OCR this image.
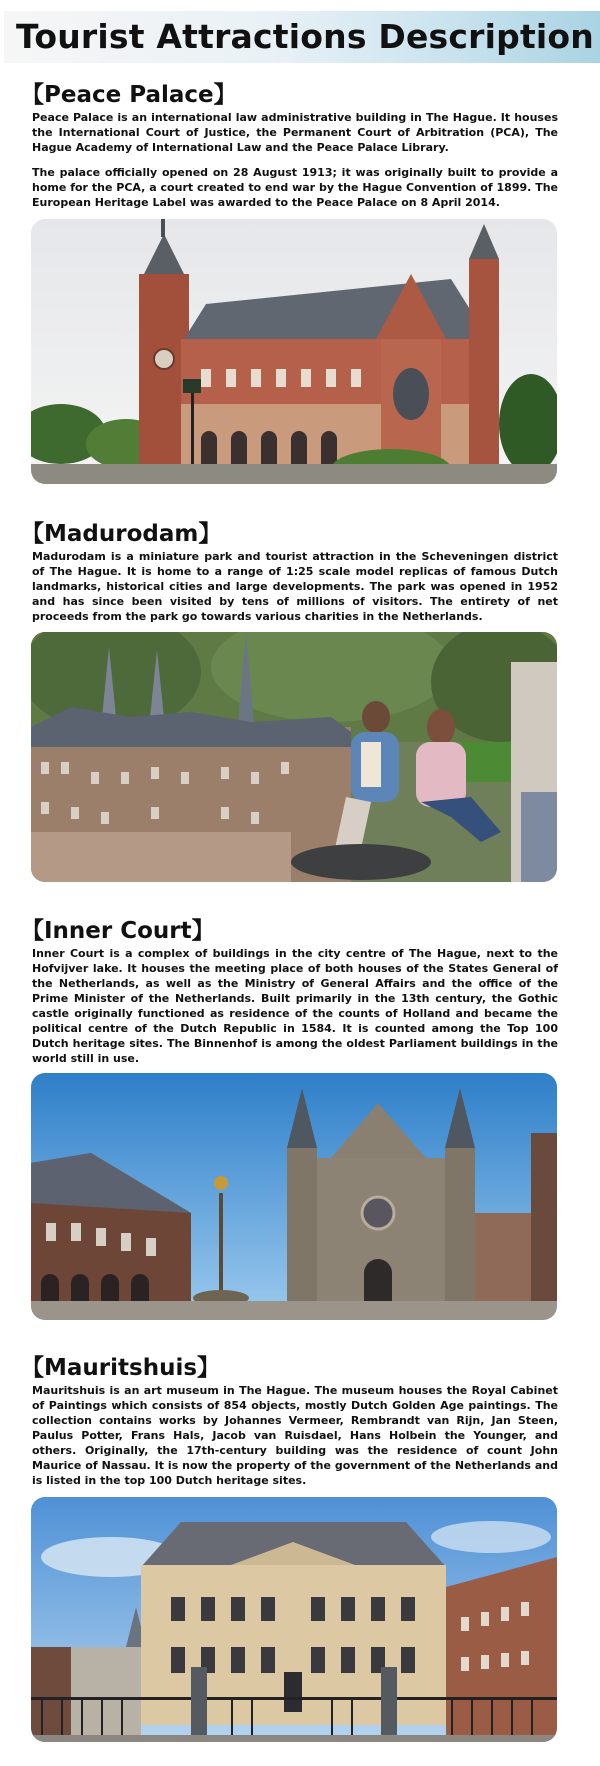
Tourist Attractions Description
【Peace Palace】

Peace Palace is an international law administrative building in The Hague. It houses the International Court of Justice, the Permanent Court of Arbitration (PCA), The Hague Academy of International Law and the Peace Palace Library.

The palace officially opened on 28 August 1913; it was originally built to provide a home for the PCA, a court created to end war by the Hague Convention of 1899. The European Heritage Label was awarded to the Peace Palace on 8 April 2014.

【Madurodam】

Madurodam is a miniature park and tourist attraction in the Scheveningen district of The Hague. It is home to a range of 1:25 scale model replicas of famous Dutch landmarks, historical cities and large developments. The park was opened in 1952 and has since been visited by tens of millions of visitors. The entirety of net proceeds from the park go towards various charities in the Netherlands.

【Inner Court】

Inner Court is a complex of buildings in the city centre of The Hague, next to the Hofvijver lake. It houses the meeting place of both houses of the States General of the Netherlands, as well as the Ministry of General Affairs and the office of the Prime Minister of the Netherlands. Built primarily in the 13th century, the Gothic castle originally functioned as residence of the counts of Holland and became the political centre of the Dutch Republic in 1584. It is counted among the Top 100 Dutch heritage sites. The Binnenhof is among the oldest Parliament buildings in the world still in use.

【Mauritshuis】

Mauritshuis is an art museum in The Hague. The museum houses the Royal Cabinet of Paintings which consists of 854 objects, mostly Dutch Golden Age paintings. The collection contains works by Johannes Vermeer, Rembrandt van Rijn, Jan Steen, Paulus Potter, Frans Hals, Jacob van Ruisdael, Hans Holbein the Younger, and others. Originally, the 17th-century building was the residence of count John Maurice of Nassau. It is now the property of the government of the Netherlands and is listed in the top 100 Dutch heritage sites.
